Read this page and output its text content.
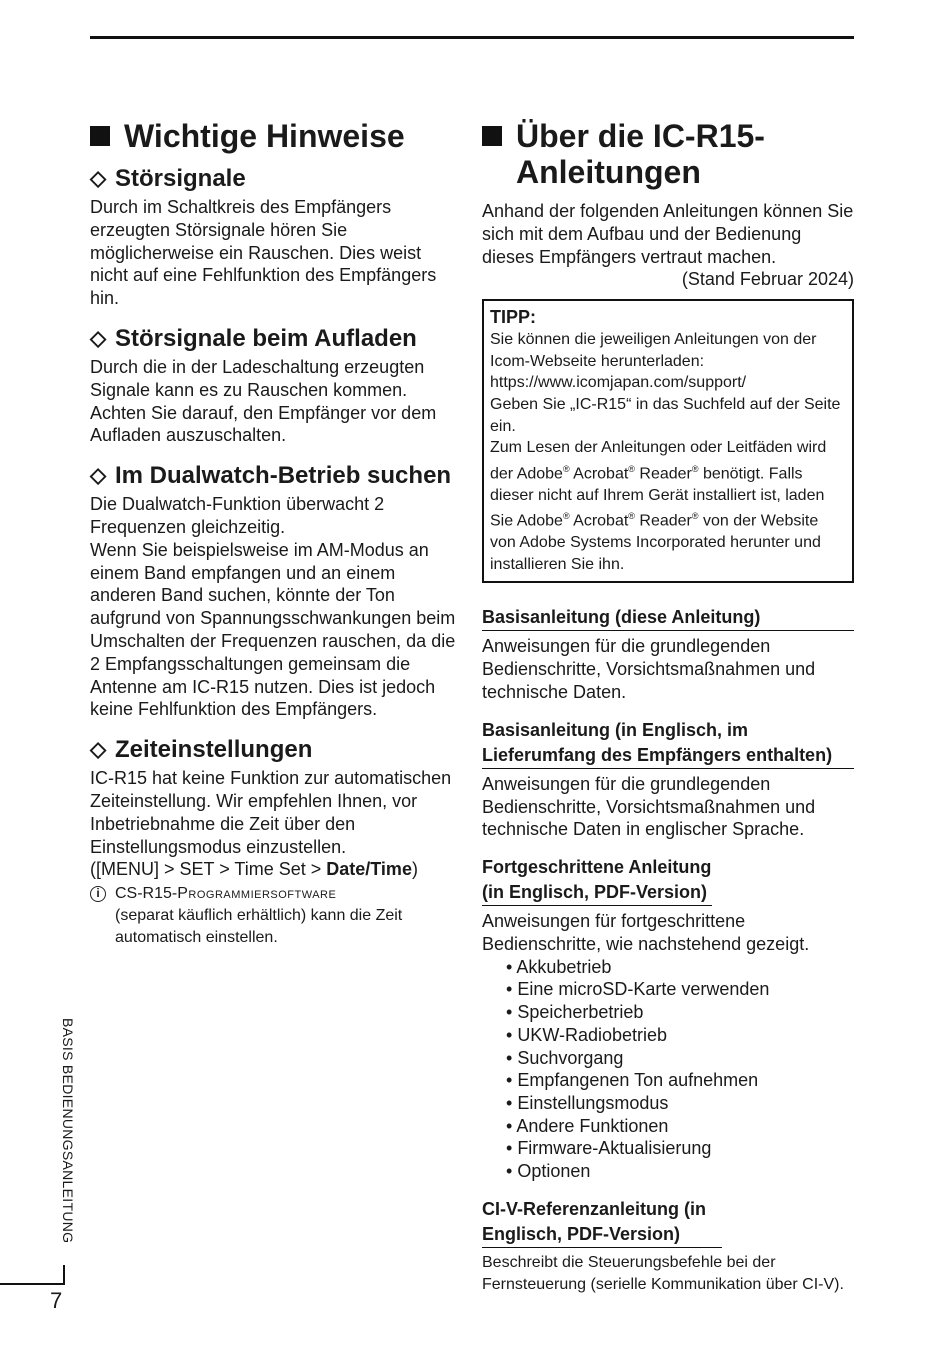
Wichtige Hinweise
◇ Störsignale

Durch im Schaltkreis des Empfängers erzeugten Störsignale hören Sie möglicherweise ein Rauschen. Dies weist nicht auf eine Fehlfunktion des Empfängers hin.

◇ Störsignale beim Aufladen

Durch die in der Ladeschaltung erzeugten Signale kann es zu Rauschen kommen. Achten Sie darauf, den Empfänger vor dem Aufladen auszuschalten.

◇ Im Dualwatch-Betrieb suchen

Die Dualwatch-Funktion überwacht 2 Frequenzen gleichzeitig.

Wenn Sie beispielsweise im AM-Modus an einem Band empfangen und an einem anderen Band suchen, könnte der Ton aufgrund von Spannungsschwankungen beim Umschalten der Frequenzen rauschen, da die 2 Empfangsschaltungen gemeinsam die Antenne am IC-R15 nutzen. Dies ist jedoch keine Fehlfunktion des Empfängers.

◇ Zeiteinstellungen

IC-R15 hat keine Funktion zur automatischen Zeiteinstellung. Wir empfehlen Ihnen, vor Inbetriebnahme die Zeit über den Einstellungsmodus einzustellen.

([MENU] > SET > Time Set > Date/Time)

i CS-R15-Programmiersoftware
(separat käuflich erhältlich) kann die Zeit automatisch einstellen.
Über die IC-R15-Anleitungen

Anhand der folgenden Anleitungen können Sie sich mit dem Aufbau und der Bedienung dieses Empfängers vertraut machen.

(Stand Februar 2024)

TIPP:
Sie können die jeweiligen Anleitungen von der Icom-Webseite herunterladen:
https://www.icomjapan.com/support/
Geben Sie „IC-R15“ in das Suchfeld auf der Seite ein.
Zum Lesen der Anleitungen oder Leitfäden wird der Adobe® Acrobat® Reader® benötigt. Falls dieser nicht auf Ihrem Gerät installiert ist, laden Sie Adobe® Acrobat® Reader® von der Website von Adobe Systems Incorporated herunter und installieren Sie ihn.
Basisanleitung (diese Anleitung)

Anweisungen für die grundlegenden Bedienschritte, Vorsichtsmaßnahmen und technische Daten.

Basisanleitung (in Englisch, im Lieferumfang des Empfängers enthalten)

Anweisungen für die grundlegenden Bedienschritte, Vorsichtsmaßnahmen und technische Daten in englischer Sprache.

Fortgeschrittene Anleitung (in Englisch, PDF-Version)

Anweisungen für fortgeschrittene Bedienschritte, wie nachstehend gezeigt.

• Akkubetrieb
• Eine microSD-Karte verwenden
• Speicherbetrieb
• UKW-Radiobetrieb
• Suchvorgang
• Empfangenen Ton aufnehmen
• Einstellungsmodus
• Andere Funktionen
• Firmware-Aktualisierung
• Optionen
CI-V-Referenzanleitung (in Englisch, PDF-Version)

Beschreibt die Steuerungsbefehle bei der Fernsteuerung (serielle Kommunikation über CI-V).

BASIS BEDIENUNGSANLEITUNG
7
